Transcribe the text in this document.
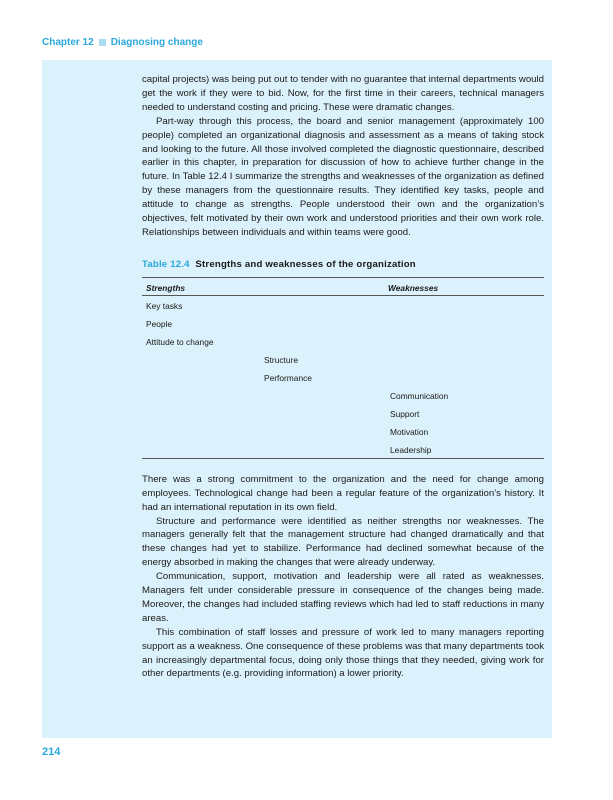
Chapter 12 Diagnosing change

capital projects) was being put out to tender with no guarantee that internal departments would get the work if they were to bid. Now, for the first time in their careers, technical managers needed to understand costing and pricing. These were dramatic changes.

Part-way through this process, the board and senior management (approximately 100 people) completed an organizational diagnosis and assessment as a means of taking stock and looking to the future. All those involved completed the diagnostic questionnaire, described earlier in this chapter, in preparation for discussion of how to achieve further change in the future. In Table 12.4 I summarize the strengths and weaknesses of the organization as defined by these managers from the questionnaire results. They identified key tasks, people and attitude to change as strengths. People understood their own and the organization’s objectives, felt motivated by their own work and understood priorities and their own work role. Relationships between individuals and within teams were good.

Table 12.4 Strengths and weaknesses of the organization
Strengths	Weaknesses
Key tasks
People
Attitude to change
Structure
Performance
Communication
Support
Motivation
Leadership

There was a strong commitment to the organization and the need for change among employees. Technological change had been a regular feature of the organization’s history. It had an international reputation in its own field.

Structure and performance were identified as neither strengths nor weaknesses. The managers generally felt that the management structure had changed dramatically and that these changes had yet to stabilize. Performance had declined somewhat because of the energy absorbed in making the changes that were already underway.

Communication, support, motivation and leadership were all rated as weaknesses. Managers felt under considerable pressure in consequence of the changes being made. Moreover, the changes had included staffing reviews which had led to staff reductions in many areas.

This combination of staff losses and pressure of work led to many managers reporting support as a weakness. One consequence of these problems was that many departments took an increasingly departmental focus, doing only those things that they needed, giving work for other departments (e.g. providing information) a lower priority.

214
